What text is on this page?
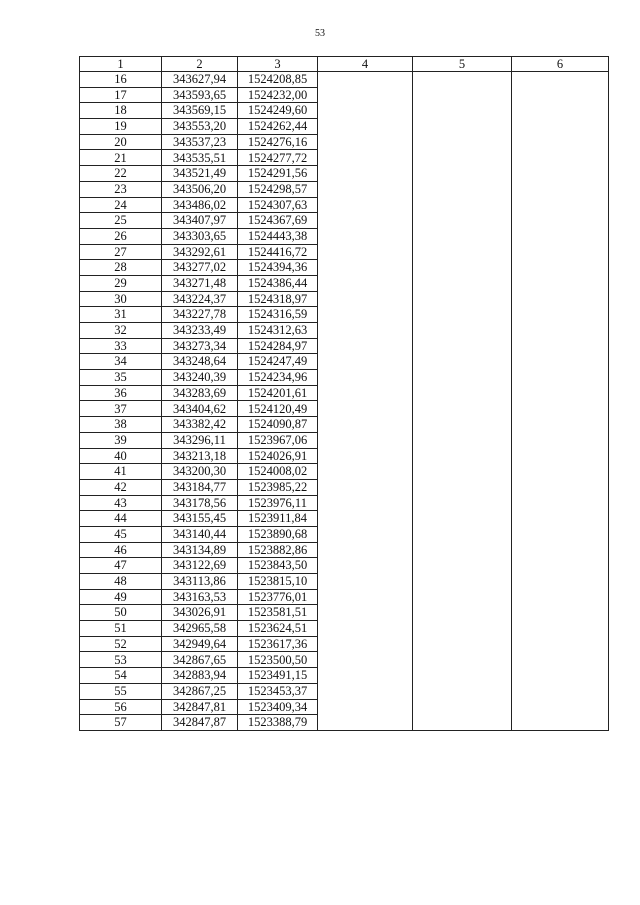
53
1	2	3	4	5	6
16	343627,94	1524208,85			
17	343593,65	1524232,00			
18	343569,15	1524249,60			
19	343553,20	1524262,44			
20	343537,23	1524276,16			
21	343535,51	1524277,72			
22	343521,49	1524291,56			
23	343506,20	1524298,57			
24	343486,02	1524307,63			
25	343407,97	1524367,69			
26	343303,65	1524443,38			
27	343292,61	1524416,72			
28	343277,02	1524394,36			
29	343271,48	1524386,44			
30	343224,37	1524318,97			
31	343227,78	1524316,59			
32	343233,49	1524312,63			
33	343273,34	1524284,97			
34	343248,64	1524247,49			
35	343240,39	1524234,96			
36	343283,69	1524201,61			
37	343404,62	1524120,49			
38	343382,42	1524090,87			
39	343296,11	1523967,06			
40	343213,18	1524026,91			
41	343200,30	1524008,02			
42	343184,77	1523985,22			
43	343178,56	1523976,11			
44	343155,45	1523911,84			
45	343140,44	1523890,68			
46	343134,89	1523882,86			
47	343122,69	1523843,50			
48	343113,86	1523815,10			
49	343163,53	1523776,01			
50	343026,91	1523581,51			
51	342965,58	1523624,51			
52	342949,64	1523617,36			
53	342867,65	1523500,50			
54	342883,94	1523491,15			
55	342867,25	1523453,37			
56	342847,81	1523409,34			
57	342847,87	1523388,79			
